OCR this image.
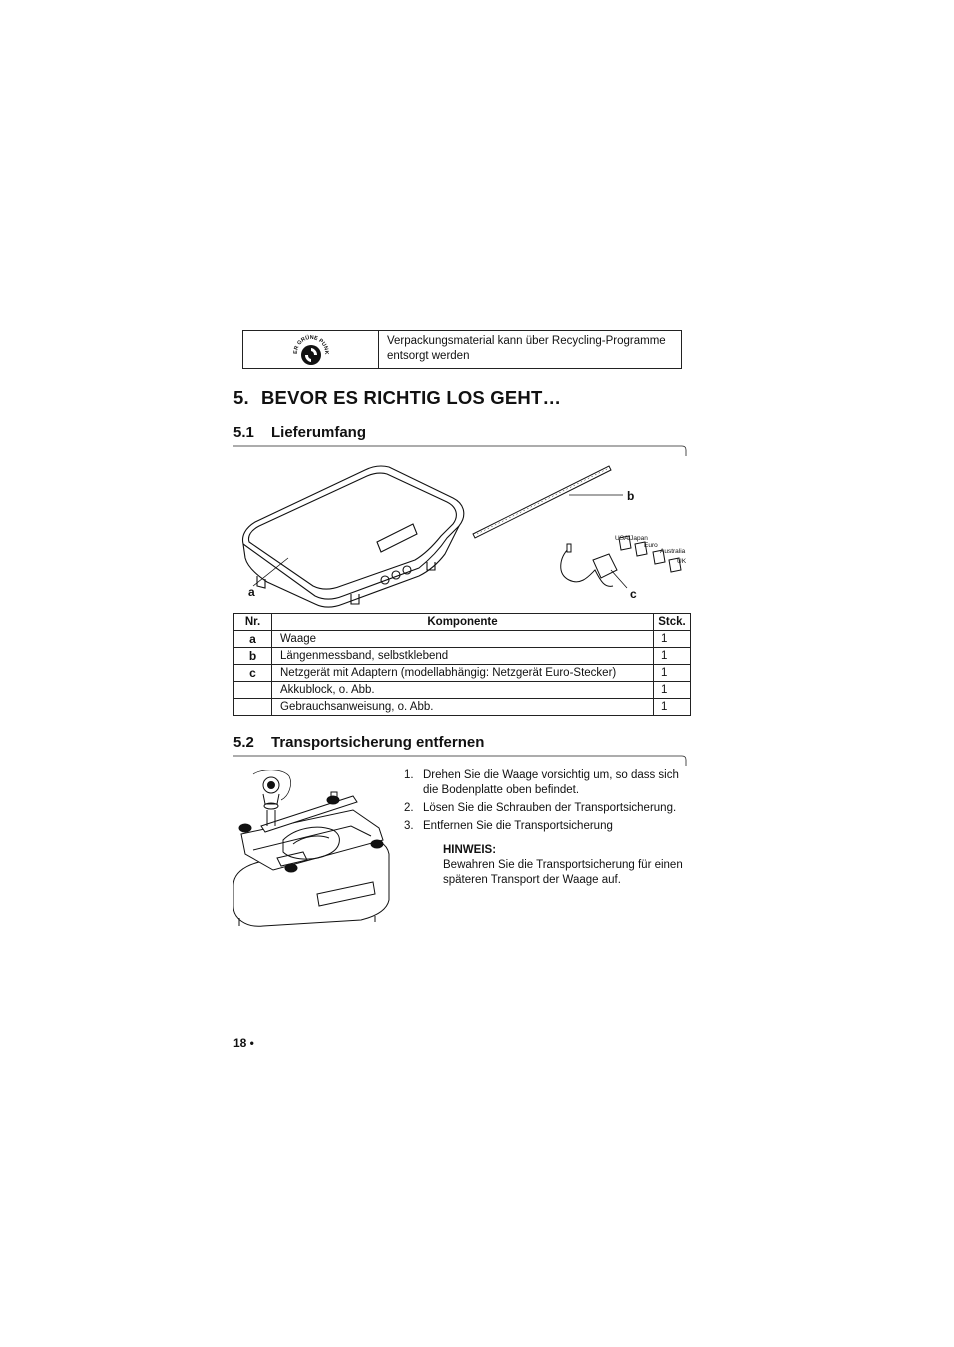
ER GRÜNE PUNK
Verpackungsmaterial kann über Recycling-Programme entsorgt werden
5. BEVOR ES RICHTIG LOS GEHT…
5.1 Lieferumfang
a
b
c
USA/Japan
Euro
Australia
UK
Nr.	Komponente	Stck.
a	Waage	1
b	Längenmessband, selbstklebend	1
c	Netzgerät mit Adaptern (modellabhängig: Netzgerät Euro-Stecker)	1
	Akkublock, o. Abb.	1
	Gebrauchsanweisung, o. Abb.	1
5.2 Transportsicherung entfernen
1. Drehen Sie die Waage vorsichtig um, so dass sich die Bodenplatte oben befindet.
2. Lösen Sie die Schrauben der Transportsicherung.
3. Entfernen Sie die Transportsicherung
HINWEIS:
Bewahren Sie die Transportsicherung für einen späteren Transport der Waage auf.
18 •
